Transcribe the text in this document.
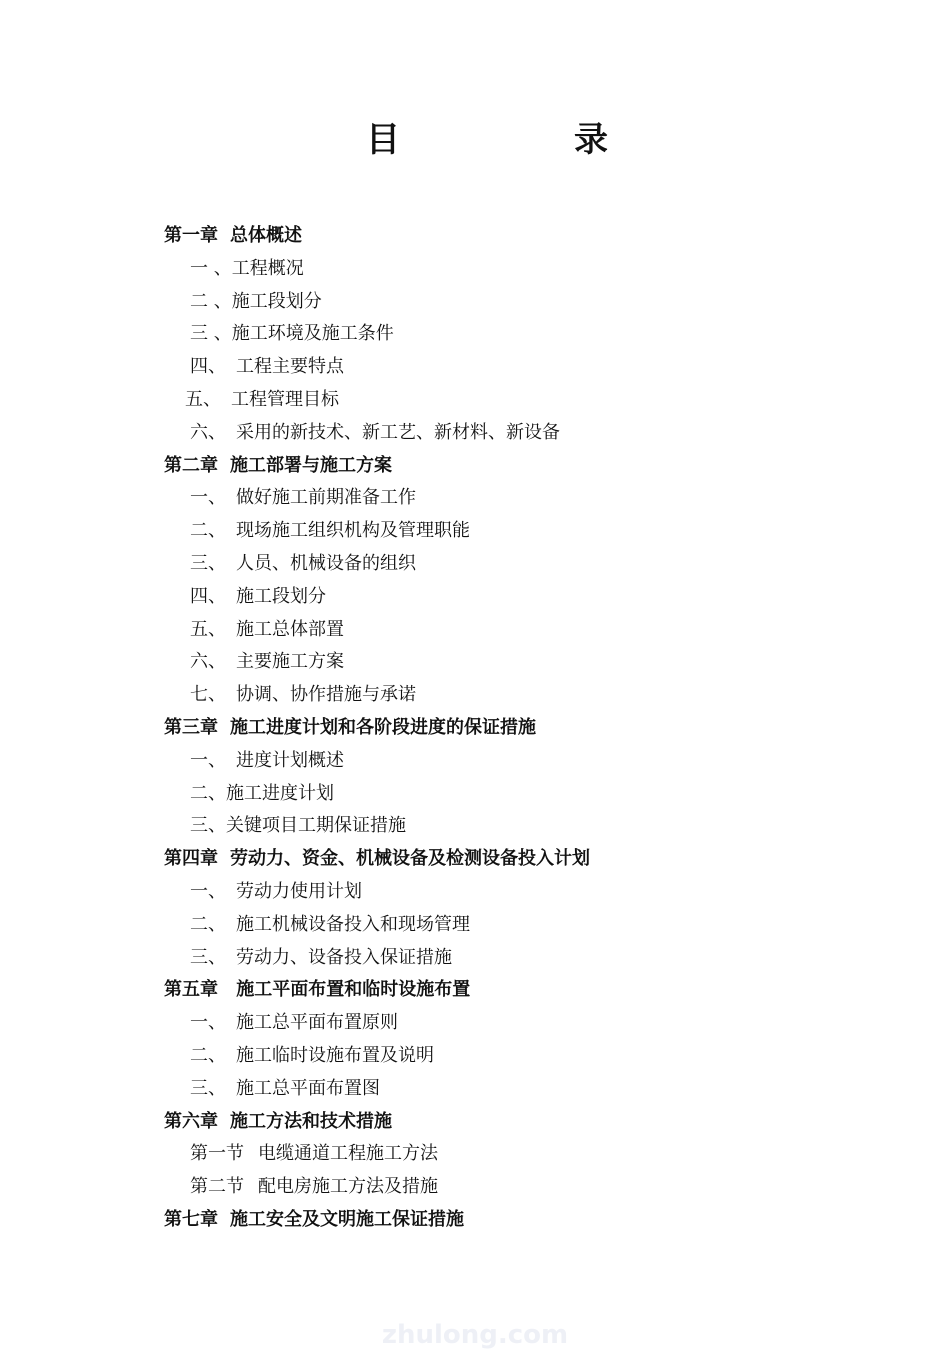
目	录
第一章 总体概述
一 、工程概况
二 、施工段划分
三 、施工环境及施工条件
四、 工程主要特点
五、 工程管理目标
六、 采用的新技术、新工艺、新材料、新设备
第二章 施工部署与施工方案
一、 做好施工前期准备工作
二、 现场施工组织机构及管理职能
三、 人员、机械设备的组织
四、 施工段划分
五、 施工总体部置
六、 主要施工方案
七、 协调、协作措施与承诺
第三章 施工进度计划和各阶段进度的保证措施
一、 进度计划概述
二、施工进度计划
三、关键项目工期保证措施
第四章 劳动力、资金、机械设备及检测设备投入计划
一、 劳动力使用计划
二、 施工机械设备投入和现场管理
三、 劳动力、设备投入保证措施
第五章 施工平面布置和临时设施布置
一、 施工总平面布置原则
二、 施工临时设施布置及说明
三、 施工总平面布置图
第六章 施工方法和技术措施
第一节 电缆通道工程施工方法
第二节 配电房施工方法及措施
第七章 施工安全及文明施工保证措施
zhulong.com
